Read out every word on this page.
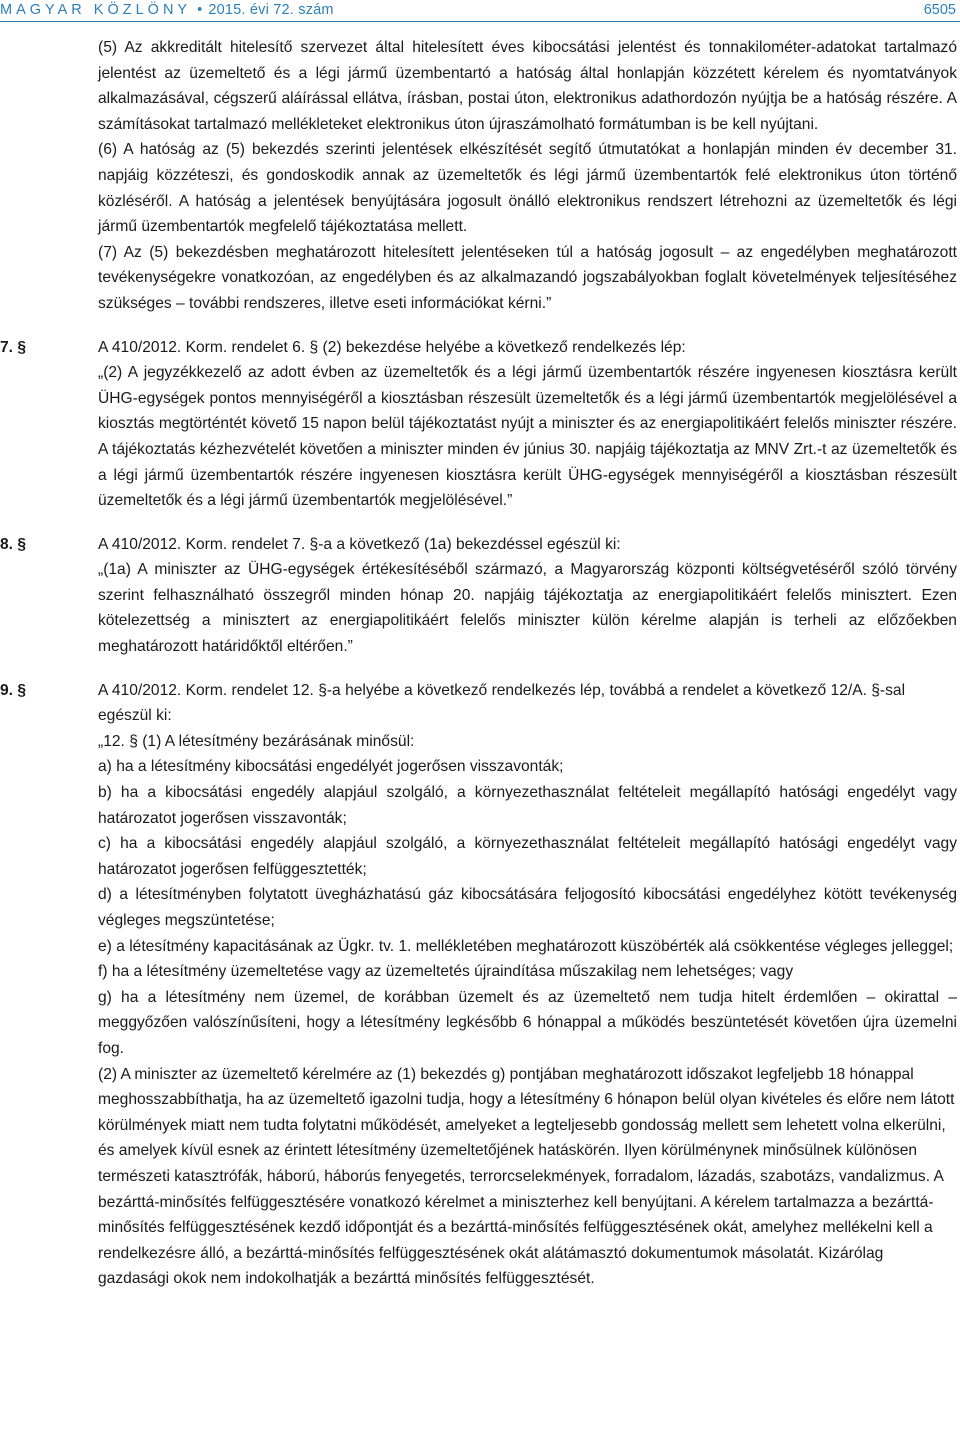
MAGYAR KÖZLÖNY • 2015. évi 72. szám	6505

(5) Az akkreditált hitelesítő szervezet által hitelesített éves kibocsátási jelentést és tonnakilométer-adatokat tartalmazó jelentést az üzemeltető és a légi jármű üzembentartó a hatóság által honlapján közzétett kérelem és nyomtatványok alkalmazásával, cégszerű aláírással ellátva, írásban, postai úton, elektronikus adathordozón nyújtja be a hatóság részére. A számításokat tartalmazó mellékleteket elektronikus úton újraszámolható formátumban is be kell nyújtani.

(6) A hatóság az (5) bekezdés szerinti jelentések elkészítését segítő útmutatókat a honlapján minden év december 31. napjáig közzéteszi, és gondoskodik annak az üzemeltetők és légi jármű üzembentartók felé elektronikus úton történő közléséről. A hatóság a jelentések benyújtására jogosult önálló elektronikus rendszert létrehozni az üzemeltetők és légi jármű üzembentartók megfelelő tájékoztatása mellett.

(7) Az (5) bekezdésben meghatározott hitelesített jelentéseken túl a hatóság jogosult – az engedélyben meghatározott tevékenységekre vonatkozóan, az engedélyben és az alkalmazandó jogszabályokban foglalt követelmények teljesítéséhez szükséges – további rendszeres, illetve eseti információkat kérni.”

7. §	A 410/2012. Korm. rendelet 6. § (2) bekezdése helyébe a következő rendelkezés lép:

„(2) A jegyzékkezelő az adott évben az üzemeltetők és a légi jármű üzembentartók részére ingyenesen kiosztásra került ÜHG-egységek pontos mennyiségéről a kiosztásban részesült üzemeltetők és a légi jármű üzembentartók megjelölésével a kiosztás megtörténtét követő 15 napon belül tájékoztatást nyújt a miniszter és az energiapolitikáért felelős miniszter részére. A tájékoztatás kézhezvételét követően a miniszter minden év június 30. napjáig tájékoztatja az MNV Zrt.-t az üzemeltetők és a légi jármű üzembentartók részére ingyenesen kiosztásra került ÜHG-egységek mennyiségéről a kiosztásban részesült üzemeltetők és a légi jármű üzembentartók megjelölésével.”

8. §	A 410/2012. Korm. rendelet 7. §-a a következő (1a) bekezdéssel egészül ki:

„(1a) A miniszter az ÜHG-egységek értékesítéséből származó, a Magyarország központi költségvetéséről szóló törvény szerint felhasználható összegről minden hónap 20. napjáig tájékoztatja az energiapolitikáért felelős minisztert. Ezen kötelezettség a minisztert az energiapolitikáért felelős miniszter külön kérelme alapján is terheli az előzőekben meghatározott határidőktől eltérően.”

9. §	A 410/2012. Korm. rendelet 12. §-a helyébe a következő rendelkezés lép, továbbá a rendelet a következő 12/A. §-sal egészül ki:

„12. § (1) A létesítmény bezárásának minősül:

a) ha a létesítmény kibocsátási engedélyét jogerősen visszavonták;

b) ha a kibocsátási engedély alapjául szolgáló, a környezethasználat feltételeit megállapító hatósági engedélyt vagy határozatot jogerősen visszavonták;

c) ha a kibocsátási engedély alapjául szolgáló, a környezethasználat feltételeit megállapító hatósági engedélyt vagy határozatot jogerősen felfüggesztették;

d) a létesítményben folytatott üvegházhatású gáz kibocsátására feljogosító kibocsátási engedélyhez kötött tevékenység végleges megszüntetése;

e) a létesítmény kapacitásának az Ügkr. tv. 1. mellékletében meghatározott küszöbérték alá csökkentése végleges jelleggel;

f) ha a létesítmény üzemeltetése vagy az üzemeltetés újraindítása műszakilag nem lehetséges; vagy

g) ha a létesítmény nem üzemel, de korábban üzemelt és az üzemeltető nem tudja hitelt érdemlően – okirattal – meggyőzően valószínűsíteni, hogy a létesítmény legkésőbb 6 hónappal a működés beszüntetését követően újra üzemelni fog.

(2) A miniszter az üzemeltető kérelmére az (1) bekezdés g) pontjában meghatározott időszakot legfeljebb 18 hónappal meghosszabbíthatja, ha az üzemeltető igazolni tudja, hogy a létesítmény 6 hónapon belül olyan kivételes és előre nem látott körülmények miatt nem tudta folytatni működését, amelyeket a legteljesebb gondosság mellett sem lehetett volna elkerülni, és amelyek kívül esnek az érintett létesítmény üzemeltetőjének hatáskörén. Ilyen körülménynek minősülnek különösen természeti katasztrófák, háború, háborús fenyegetés, terrorcselekmények, forradalom, lázadás, szabotázs, vandalizmus. A bezárttá-minősítés felfüggesztésére vonatkozó kérelmet a miniszterhez kell benyújtani. A kérelem tartalmazza a bezárttá-minősítés felfüggesztésének kezdő időpontját és a bezárttá-minősítés felfüggesztésének okát, amelyhez mellékelni kell a rendelkezésre álló, a bezárttá-minősítés felfüggesztésének okát alátámasztó dokumentumok másolatát. Kizárólag gazdasági okok nem indokolhatják a bezárttá minősítés felfüggesztését.
